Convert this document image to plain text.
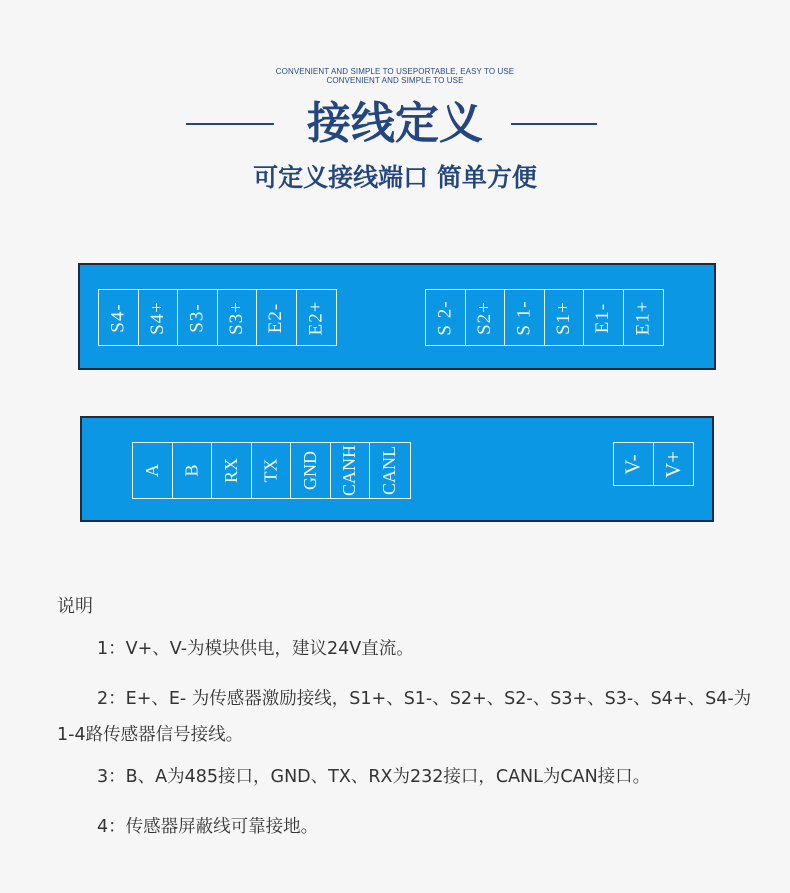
CONVENIENT AND SIMPLE TO USEPORTABLE, EASY TO USE
CONVENIENT AND SIMPLE TO USE
接线定义
可定义接线端口 简单方便
S4- S4+ S3- S3+ E2- E2+	S 2- S2+ S 1- S1+ E1- E1+
A B RX TX GND CANH CANL	V- V+
说明
1：V+、V-为模块供电，建议24V直流。
2：E+、E- 为传感器激励接线，S1+、S1-、S2+、S2-、S3+、S3-、S4+、S4-为1-4路传感器信号接线。
3：B、A为485接口，GND、TX、RX为232接口，CANL为CAN接口。
4：传感器屏蔽线可靠接地。
